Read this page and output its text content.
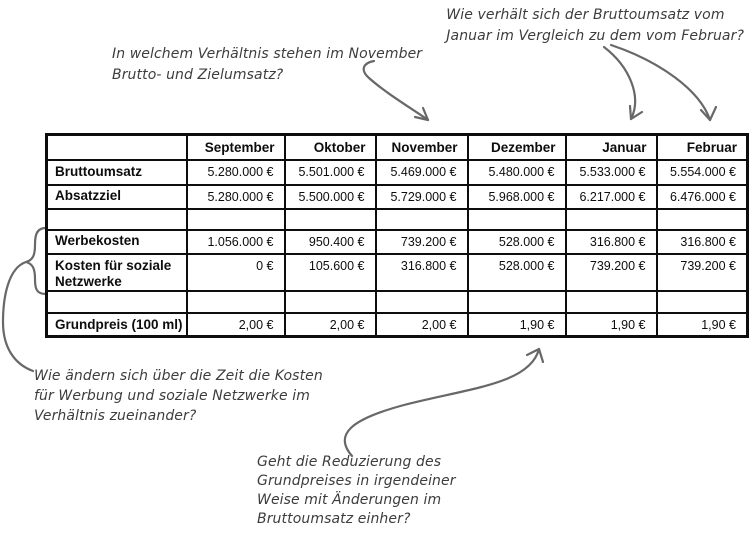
In welchem Verhältnis stehen im November
Brutto- und Zielumsatz?
Wie verhält sich der Bruttoumsatz vom
Januar im Vergleich zu dem vom Februar?
Wie ändern sich über die Zeit die Kosten
für Werbung und soziale Netzwerke im
Verhältnis zueinander?
Geht die Reduzierung des
Grundpreises in irgendeiner
Weise mit Änderungen im
Bruttoumsatz einher?
	September	Oktober	November	Dezember	Januar	Februar
Bruttoumsatz	5.280.000 €	5.501.000 €	5.469.000 €	5.480.000 €	5.533.000 €	5.554.000 €
Absatzziel	5.280.000 €	5.500.000 €	5.729.000 €	5.968.000 €	6.217.000 €	6.476.000 €

Werbekosten	1.056.000 €	950.400 €	739.200 €	528.000 €	316.800 €	316.800 €
Kosten für soziale Netzwerke	0 €	105.600 €	316.800 €	528.000 €	739.200 €	739.200 €

Grundpreis (100 ml)	2,00 €	2,00 €	2,00 €	1,90 €	1,90 €	1,90 €
